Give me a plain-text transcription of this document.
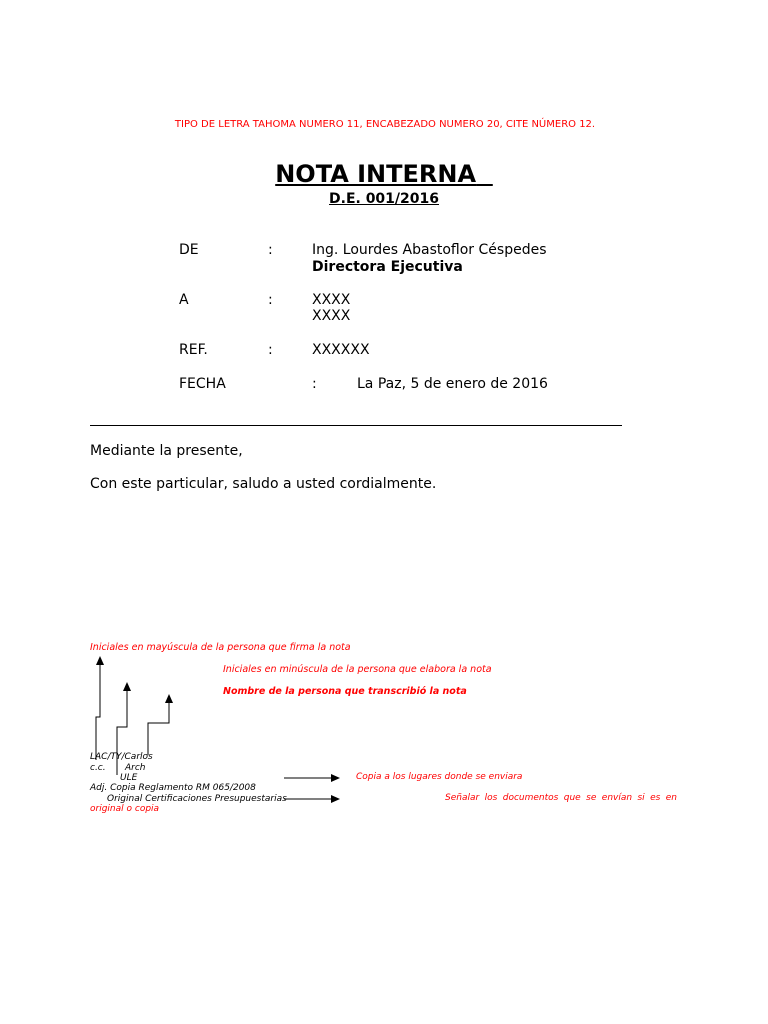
TIPO DE LETRA TAHOMA NUMERO 11, ENCABEZADO NUMERO 20, CITE NÚMERO 12.
NOTA INTERNA
D.E. 001/2016
DE	:	Ing. Lourdes Abastoflor Céspedes
Directora Ejecutiva
A	:	XXXX
XXXX
REF.	:	XXXXXX
FECHA	:	La Paz, 5 de enero de 2016
Mediante la presente,
Con este particular, saludo a usted cordialmente.
Iniciales en mayúscula de la persona que firma la nota
Iniciales en minúscula de la persona que elabora la nota
Nombre de la persona que transcribió la nota
LAC/TY/Carlos
c.c. Arch
ULE
Adj. Copia Reglamento RM 065/2008
Original Certificaciones Presupuestarias
Copia a los lugares donde se enviara
Señalar los documentos que se envían si es en original o copia
